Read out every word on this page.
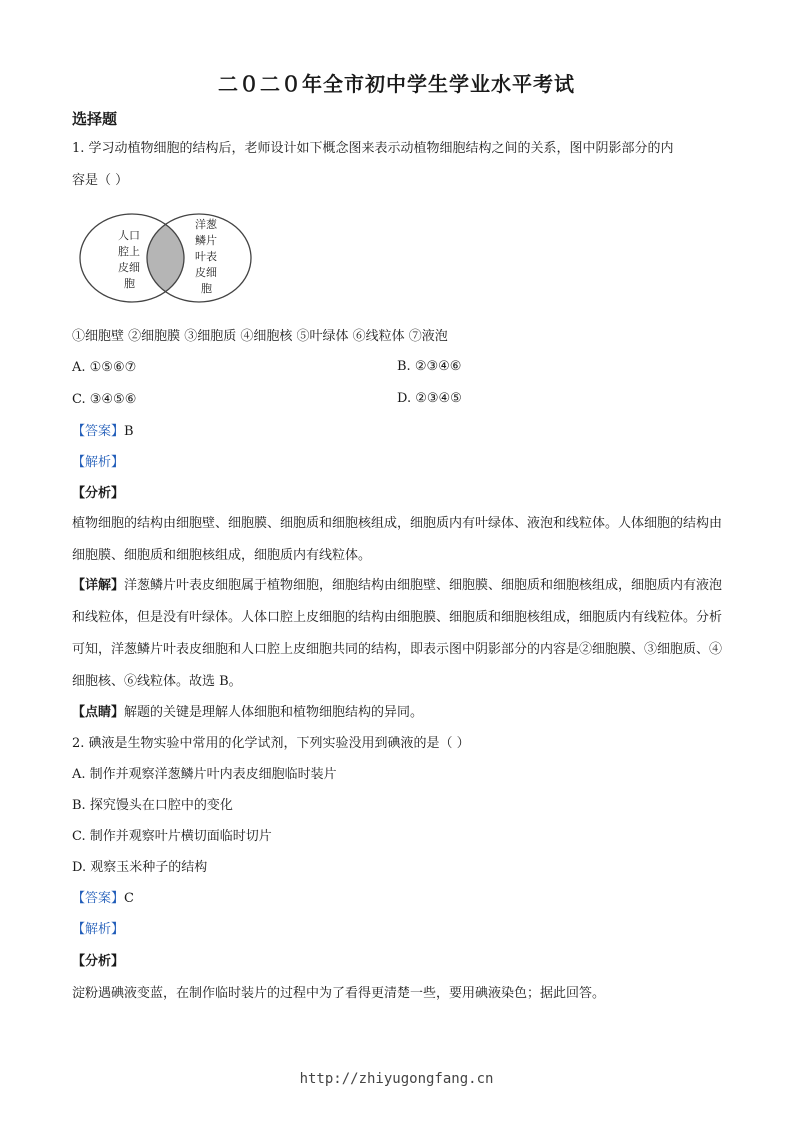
二０二０年全市初中学生学业水平考试
选择题
1. 学习动植物细胞的结构后，老师设计如下概念图来表示动植物细胞结构之间的关系，图中阴影部分的内
容是（ ）
人口
腔上
皮细
胞
洋葱
鳞片
叶表
皮细
胞
①细胞壁 ②细胞膜 ③细胞质 ④细胞核 ⑤叶绿体 ⑥线粒体 ⑦液泡
A. ①⑤⑥⑦	B. ②③④⑥
C. ③④⑤⑥	D. ②③④⑤
【答案】B
【解析】
【分析】
植物细胞的结构由细胞壁、细胞膜、细胞质和细胞核组成，细胞质内有叶绿体、液泡和线粒体。人体细胞的结构由细胞膜、细胞质和细胞核组成，细胞质内有线粒体。
【详解】洋葱鳞片叶表皮细胞属于植物细胞，细胞结构由细胞壁、细胞膜、细胞质和细胞核组成，细胞质内有液泡和线粒体，但是没有叶绿体。人体口腔上皮细胞的结构由细胞膜、细胞质和细胞核组成，细胞质内有线粒体。分析可知，洋葱鳞片叶表皮细胞和人口腔上皮细胞共同的结构，即表示图中阴影部分的内容是②细胞膜、③细胞质、④细胞核、⑥线粒体。故选 B。
【点睛】解题的关键是理解人体细胞和植物细胞结构的异同。
2. 碘液是生物实验中常用的化学试剂，下列实验没用到碘液的是（ ）
A. 制作并观察洋葱鳞片叶内表皮细胞临时装片
B. 探究馒头在口腔中的变化
C. 制作并观察叶片横切面临时切片
D. 观察玉米种子的结构
【答案】C
【解析】
【分析】
淀粉遇碘液变蓝，在制作临时装片的过程中为了看得更清楚一些，要用碘液染色；据此回答。
http://zhiyugongfang.cn
